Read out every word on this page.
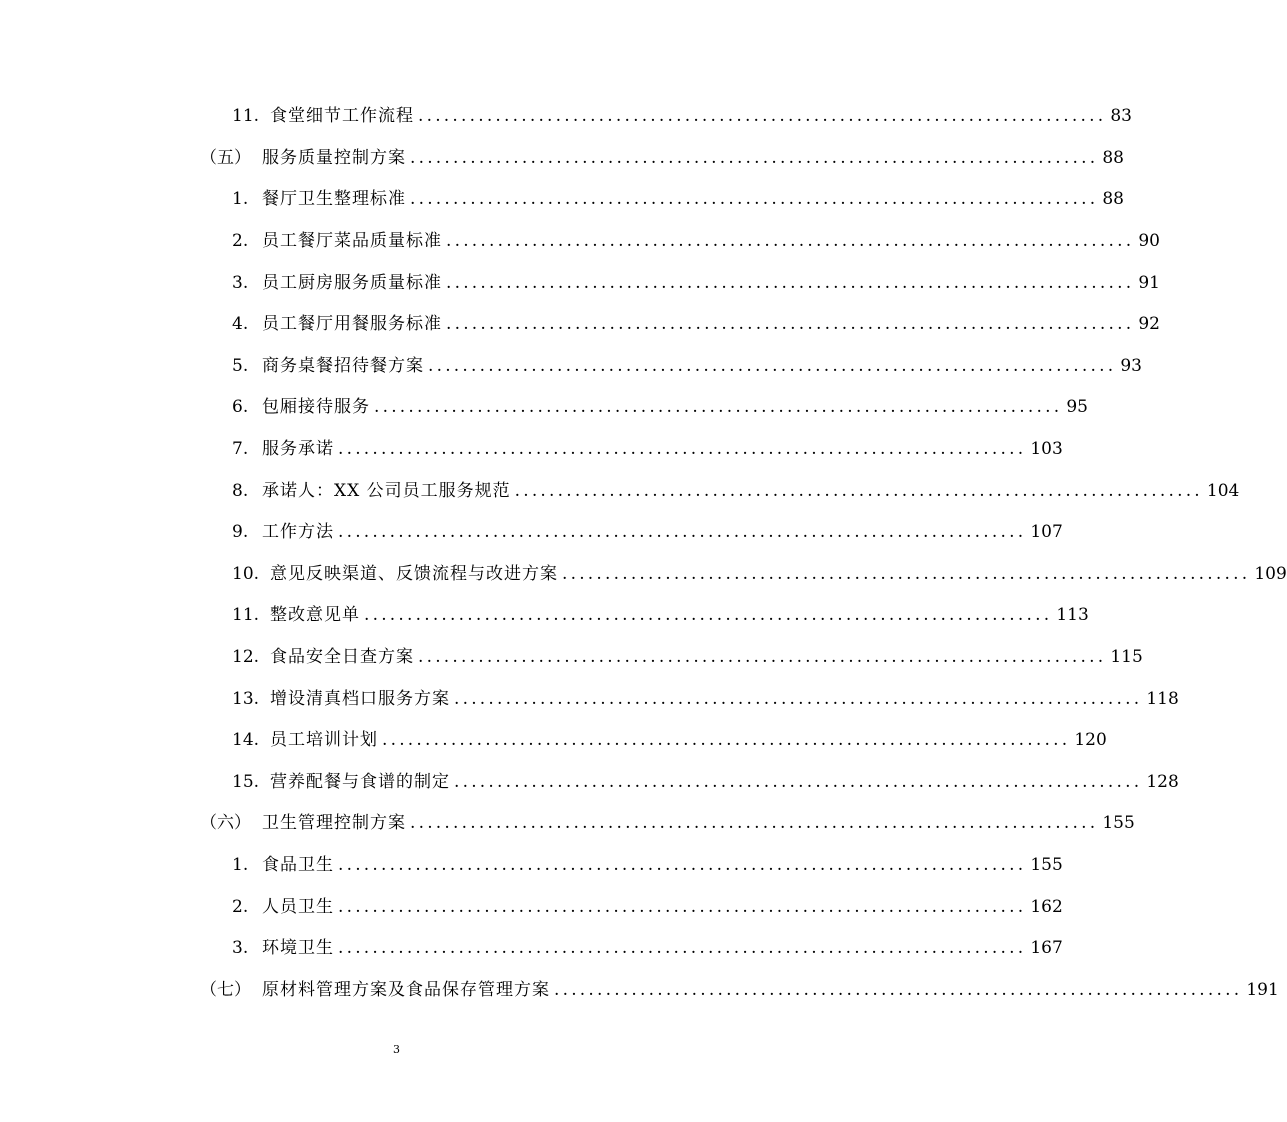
11. 食堂细节工作流程 ................................................................................ 83
（五） 服务质量控制方案 ................................................................................ 88
1. 餐厅卫生整理标准 ................................................................................ 88
2. 员工餐厅菜品质量标准 ................................................................................ 90
3. 员工厨房服务质量标准 ................................................................................ 91
4. 员工餐厅用餐服务标准 ................................................................................ 92
5. 商务桌餐招待餐方案 ................................................................................ 93
6. 包厢接待服务 ................................................................................ 95
7. 服务承诺 ................................................................................ 103
8. 承诺人：XX 公司员工服务规范 ................................................................................ 104
9. 工作方法 ................................................................................ 107
10. 意见反映渠道、反馈流程与改进方案 ................................................................................ 109
11. 整改意见单 ................................................................................ 113
12. 食品安全日查方案 ................................................................................ 115
13. 增设清真档口服务方案 ................................................................................ 118
14. 员工培训计划 ................................................................................ 120
15. 营养配餐与食谱的制定 ................................................................................ 128
（六） 卫生管理控制方案 ................................................................................ 155
1. 食品卫生 ................................................................................ 155
2. 人员卫生 ................................................................................ 162
3. 环境卫生 ................................................................................ 167
（七） 原材料管理方案及食品保存管理方案 ................................................................................ 191
3
